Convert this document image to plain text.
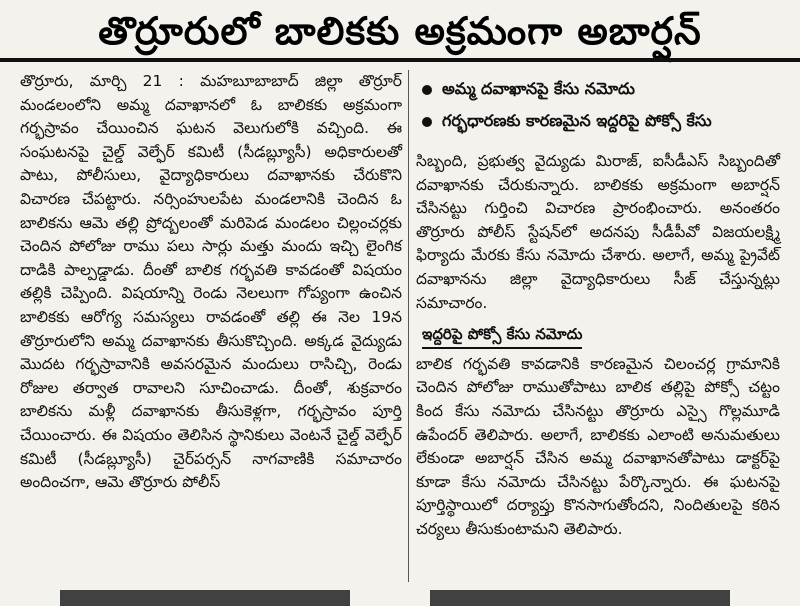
తొర్రూరులో బాలికకు అక్రమంగా అబార్షన్

తొర్రూరు, మార్చి 21 : మహబూబాబాద్ జిల్లా తొర్రూర్ మండలంలోని అమ్మ దవాఖానలో ఓ బాలికకు అక్రమంగా గర్భస్రావం చేయించిన ఘటన వెలుగులోకి వచ్చింది. ఈ సంఘటనపై చైల్డ్ వెల్ఫేర్ కమిటీ (సీడబ్ల్యూసీ) అధికారులతో పాటు, పోలీసులు, వైద్యాధికారులు దవాఖానకు చేరుకొని విచారణ చేపట్టారు. నర్సింహులపేట మండలానికి చెందిన ఓ బాలికను ఆమె తల్లి ప్రోద్బలంతో మరిపెడ మండలం చిల్లంచర్లకు చెందిన పోలోజు రాము పలు సార్లు మత్తు మందు ఇచ్చి లైంగిక దాడికి పాల్పడ్డాడు. దీంతో బాలిక గర్భవతి కావడంతో విషయం తల్లికి చెప్పింది. విషయాన్ని రెండు నెలలుగా గోప్యంగా ఉంచిన బాలికకు ఆరోగ్య సమస్యలు రావడంతో తల్లి ఈ నెల 19న తొర్రూరులోని అమ్మ దవాఖానకు తీసుకొచ్చింది. అక్కడ వైద్యుడు మొదట గర్భస్రావానికి అవసరమైన మందులు రాసిచ్చి, రెండు రోజుల తర్వాత రావాలని సూచించాడు. దీంతో, శుక్రవారం బాలికను మళ్లీ దవాఖానకు తీసుకెళ్లగా, గర్భస్రావం పూర్తి చేయించారు. ఈ విషయం తెలిసిన స్థానికులు వెంటనే చైల్డ్ వెల్ఫేర్ కమిటీ (సీడబ్ల్యూసీ) చైర్‌పర్సన్ నాగవాణికి సమాచారం అందించగా, ఆమె తొర్రూరు పోలీస్

అమ్మ దవాఖానపై కేసు నమోదు
గర్భధారణకు కారణమైన ఇద్దరిపై పోక్సో కేసు

సిబ్బంది, ప్రభుత్వ వైద్యుడు మిరాజ్, ఐసీడీఎస్ సిబ్బందితో దవాఖానకు చేరుకున్నారు. బాలికకు అక్రమంగా అబార్షన్ చేసినట్టు గుర్తించి విచారణ ప్రారంభించారు. అనంతరం తొర్రూరు పోలీస్ స్టేషన్‌లో అదనపు సీడీపీవో విజయలక్ష్మి ఫిర్యాదు మేరకు కేసు నమోదు చేశారు. అలాగే, అమ్మ ప్రైవేట్ దవాఖానను జిల్లా వైద్యాధికారులు సీజ్ చేస్తున్నట్లు సమాచారం.

ఇద్దరిపై పోక్సో కేసు నమోదు

బాలిక గర్భవతి కావడానికి కారణమైన చిలంచర్ల గ్రామానికి చెందిన పోలోజు రాముతోపాటు బాలిక తల్లిపై పోక్సో చట్టం కింద కేసు నమోదు చేసినట్టు తొర్రూరు ఎస్సై గొల్లమూడి ఉపేందర్ తెలిపారు. అలాగే, బాలికకు ఎలాంటి అనుమతులు లేకుండా అబార్షన్ చేసిన అమ్మ దవాఖానతోపాటు డాక్టర్‌పై కూడా కేసు నమోదు చేసినట్టు పేర్కొన్నారు. ఈ ఘటనపై పూర్తిస్థాయిలో దర్యాప్తు కొనసాగుతోందని, నిందితులపై కఠిన చర్యలు తీసుకుంటామని తెలిపారు.
